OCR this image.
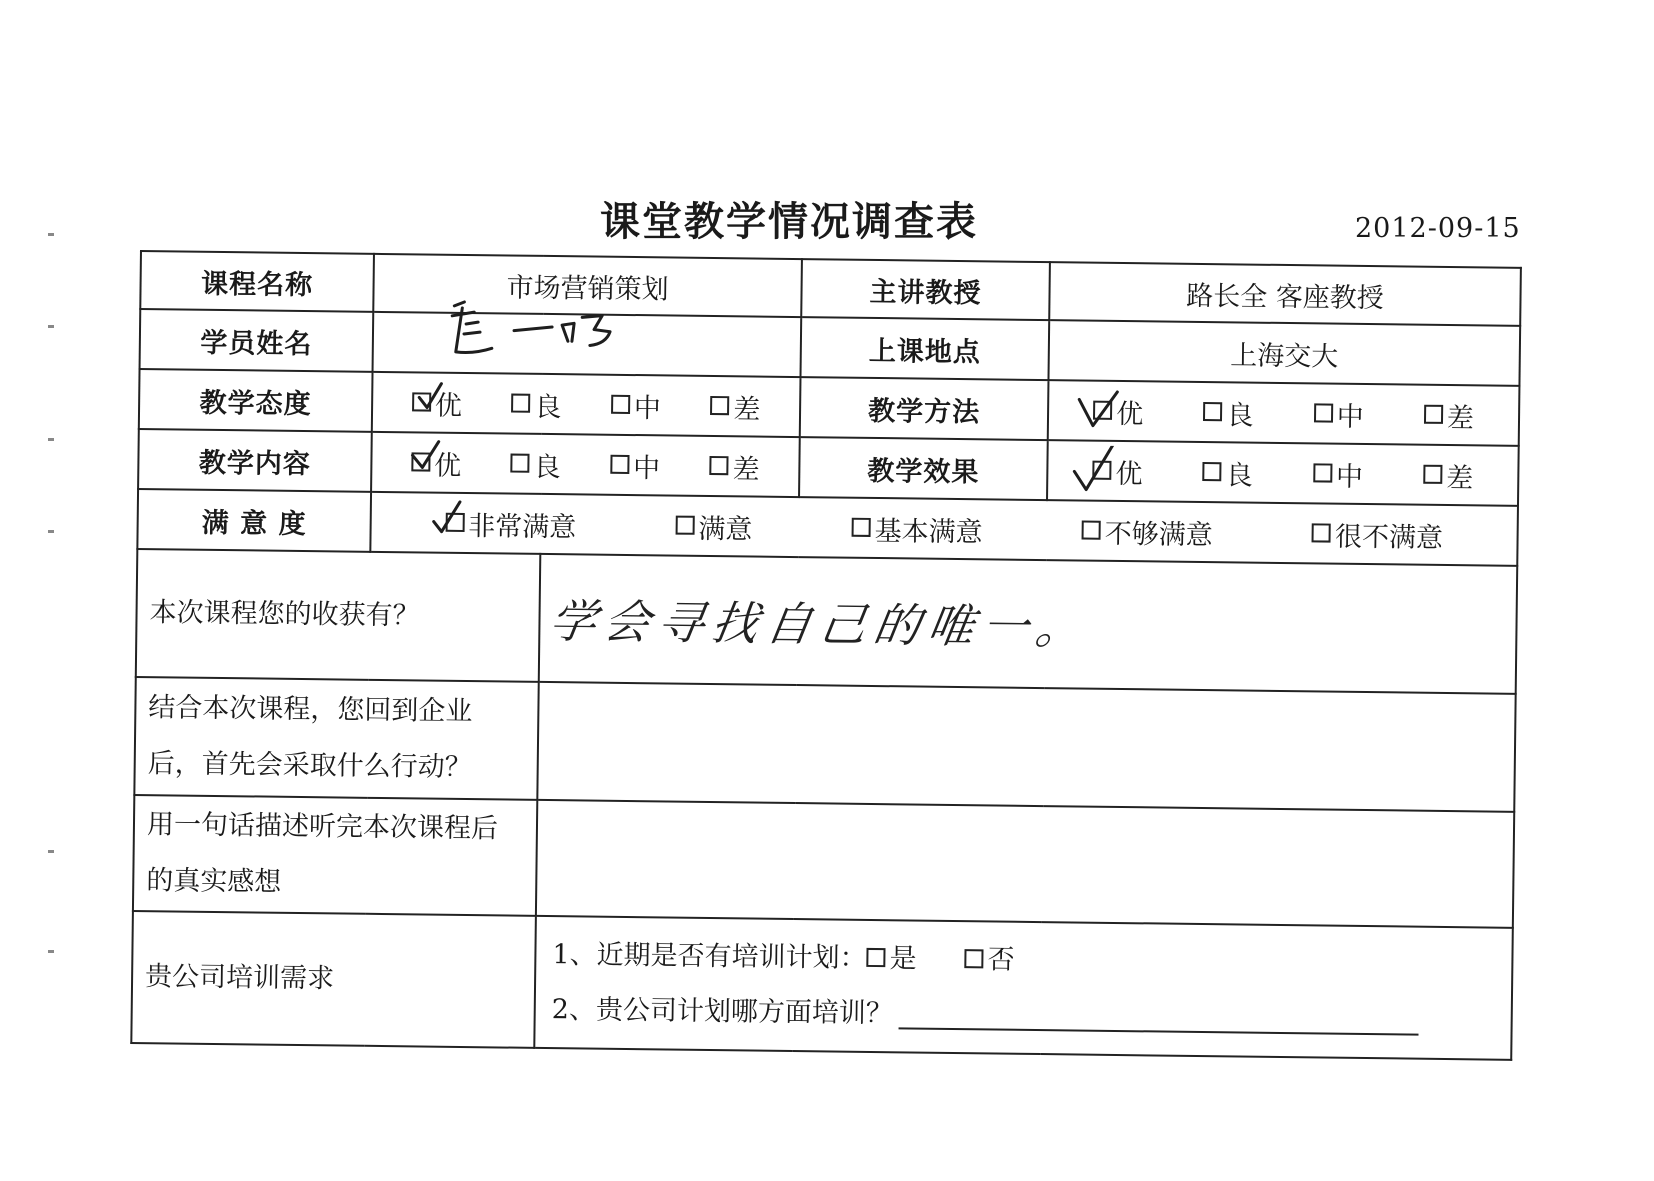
课堂教学情况调查表	2012-09-15
课程名称	市场营销策划		主讲教授	路长全 客座教授
学员姓名			上课地点	上海交大
教学态度	优 良 中 差		教学方法	优 良 中 差

教学内容	优 良 中 差		教学效果	优 良 中 差

满 意 度	非常满意 满意 基本满意 不够满意 很不满意			

本次课程您的收获有？		学会寻找自己的唯一。		

结合本次课程，您回到企业后，首先会采取什么行动？				
用一句话描述听完本次课程后的真实感想				
贵公司培训需求		1、近期是否有培训计划： 是 否
2、贵公司计划哪方面培训？		
